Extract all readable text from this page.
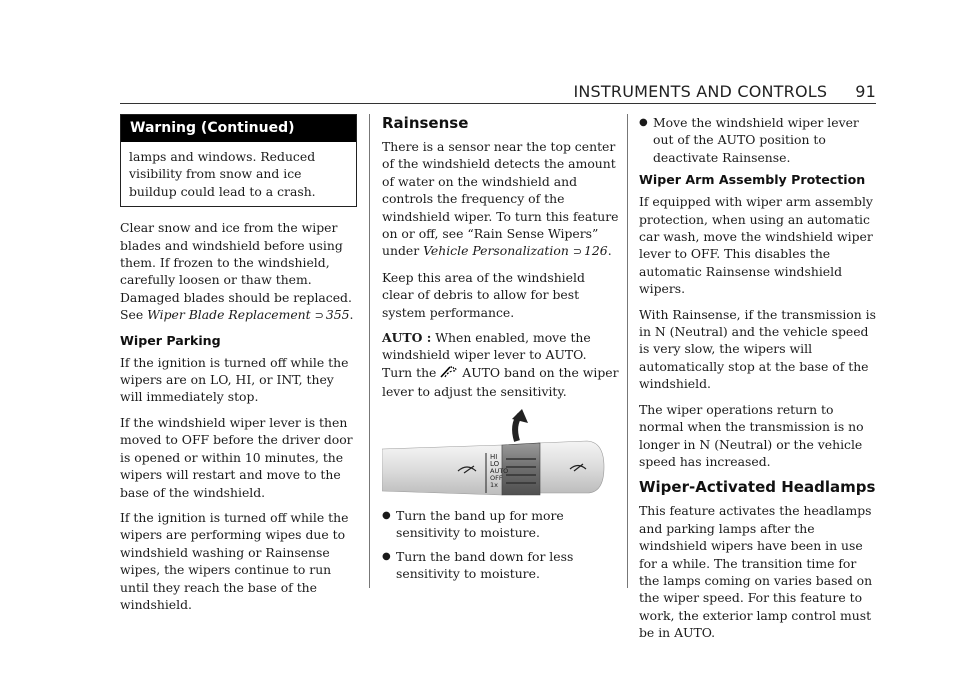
INSTRUMENTS AND CONTROLS 91
Warning (Continued)

lamps and windows. Reduced visibility from snow and ice buildup could lead to a crash.

Clear snow and ice from the wiper blades and windshield before using them. If frozen to the windshield, carefully loosen or thaw them. Damaged blades should be replaced. See Wiper Blade Replacement ⊃ 355.

Wiper Parking

If the ignition is turned off while the wipers are on LO, HI, or INT, they will immediately stop.

If the windshield wiper lever is then moved to OFF before the driver door is opened or within 10 minutes, the wipers will restart and move to the base of the windshield.

If the ignition is turned off while the wipers are performing wipes due to windshield washing or Rainsense wipes, the wipers continue to run until they reach the base of the windshield.

Rainsense

There is a sensor near the top center of the windshield detects the amount of water on the windshield and controls the frequency of the windshield wiper. To turn this feature on or off, see “Rain Sense Wipers” under Vehicle Personalization ⊃ 126.

Keep this area of the windshield clear of debris to allow for best system performance.

AUTO : When enabled, move the windshield wiper lever to AUTO. Turn the  AUTO band on the wiper lever to adjust the sensitivity.

HI
LO
AUTO
OFF
1x
● Turn the band up for more sensitivity to moisture.
● Turn the band down for less sensitivity to moisture.
● Move the windshield wiper lever out of the AUTO position to deactivate Rainsense.
Wiper Arm Assembly Protection

If equipped with wiper arm assembly protection, when using an automatic car wash, move the windshield wiper lever to OFF. This disables the automatic Rainsense windshield wipers.

With Rainsense, if the transmission is in N (Neutral) and the vehicle speed is very slow, the wipers will automatically stop at the base of the windshield.

The wiper operations return to normal when the transmission is no longer in N (Neutral) or the vehicle speed has increased.

Wiper-Activated Headlamps

This feature activates the headlamps and parking lamps after the windshield wipers have been in use for a while. The transition time for the lamps coming on varies based on the wiper speed. For this feature to work, the exterior lamp control must be in AUTO.
